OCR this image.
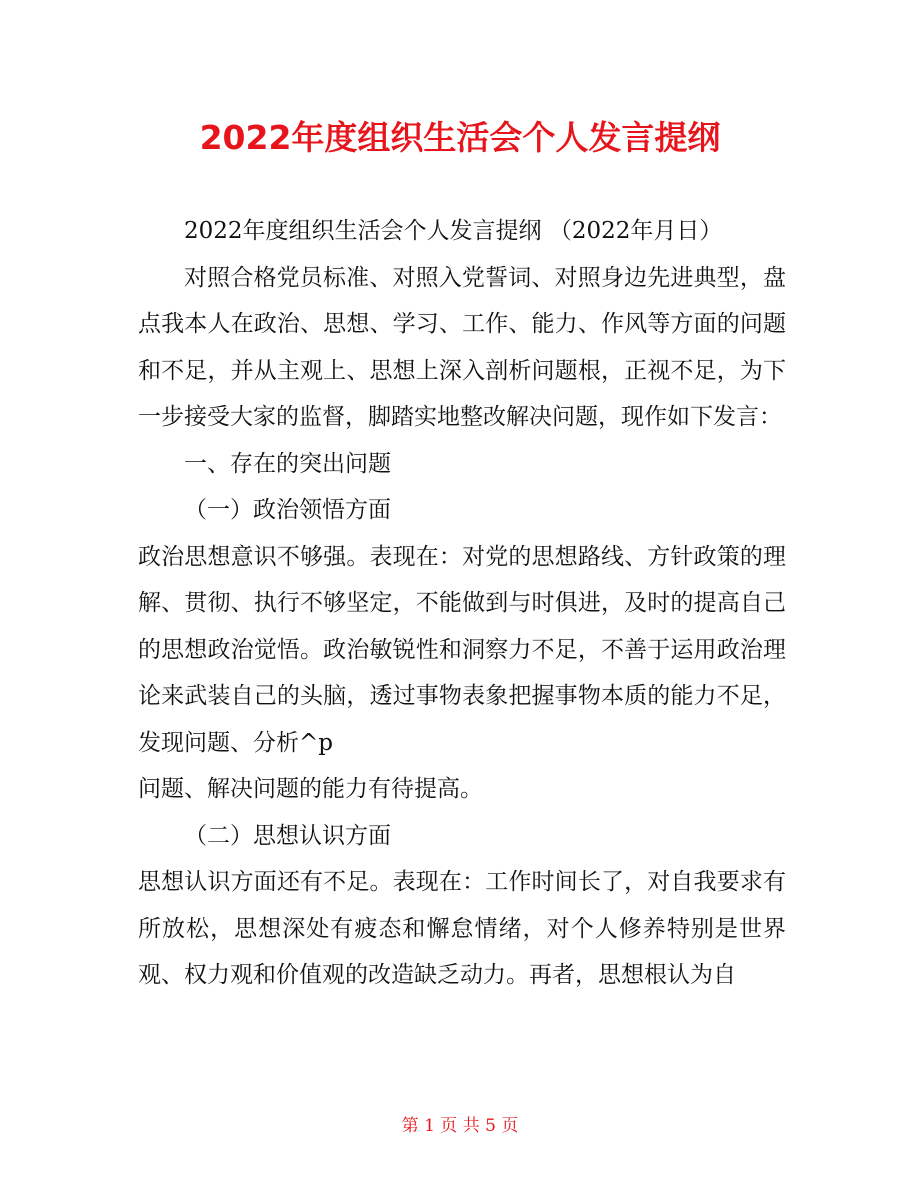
2022年度组织生活会个人发言提纲

2022年度组织生活会个人发言提纲 （2022年月日）

对照合格党员标准、对照入党誓词、对照身边先进典型，盘点我本人在政治、思想、学习、工作、能力、作风等方面的问题和不足，并从主观上、思想上深入剖析问题根，正视不足，为下一步接受大家的监督，脚踏实地整改解决问题，现作如下发言：

一、存在的突出问题

（一）政治领悟方面

政治思想意识不够强。表现在：对党的思想路线、方针政策的理解、贯彻、执行不够坚定，不能做到与时俱进，及时的提高自己的思想政治觉悟。政治敏锐性和洞察力不足，不善于运用政治理论来武装自己的头脑，透过事物表象把握事物本质的能力不足，发现问题、分析^p

问题、解决问题的能力有待提高。

（二）思想认识方面

思想认识方面还有不足。表现在：工作时间长了，对自我要求有所放松，思想深处有疲态和懈怠情绪，对个人修养特别是世界观、权力观和价值观的改造缺乏动力。再者，思想根认为自

第 1 页 共 5 页
